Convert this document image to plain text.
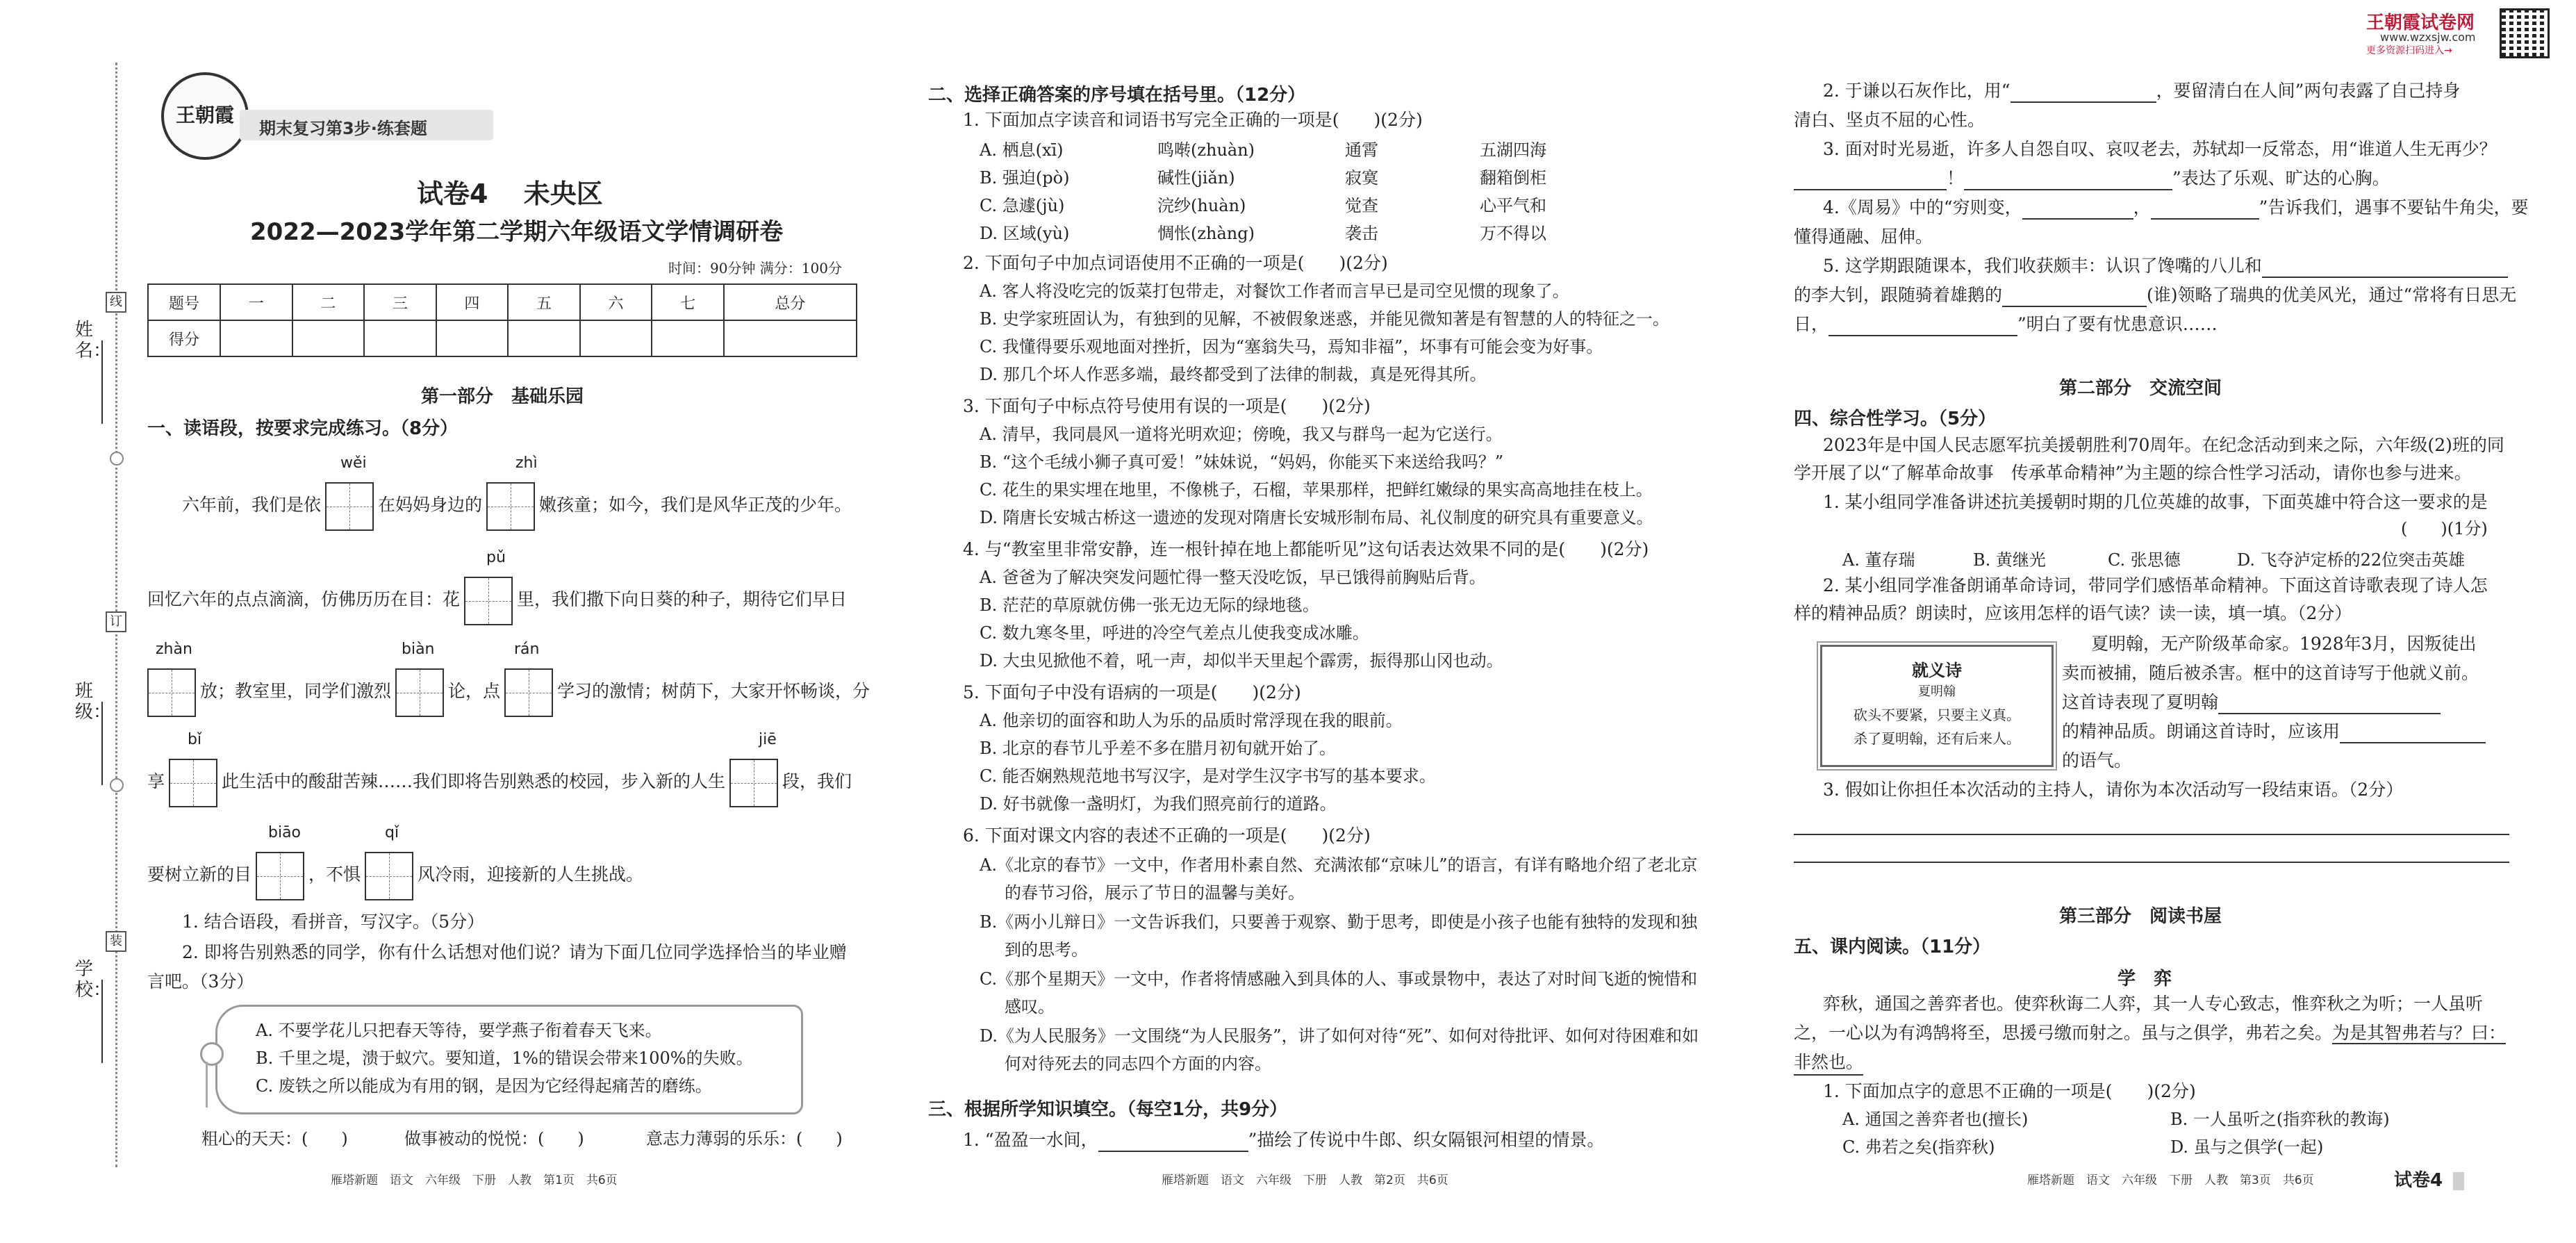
姓名：
班级：
学校：
线
订
装
王朝霞
期末复习第3步·练套题
试卷4　 未央区
2022—2023学年第二学期六年级语文学情调研卷
时间：90分钟 满分：100分
题号	一	二	三	四	五	六	七	总分
得分								
第一部分　基础乐园
一、读语段，按要求完成练习。（8分）
wěi	zhì
六年前，我们是依	在妈妈身边的	嫩孩童；如今，我们是风华正茂的少年。
pǔ
回忆六年的点点滴滴，仿佛历历在目：花	里，我们撒下向日葵的种子，期待它们早日
zhàn	biàn	rán
放；教室里，同学们激烈	论，点	学习的激情；树荫下，大家开怀畅谈，分
bǐ	jiē
享	此生活中的酸甜苦辣……我们即将告别熟悉的校园，步入新的人生	段，我们
biāo	qǐ
要树立新的目	，不惧	风冷雨，迎接新的人生挑战。
1. 结合语段，看拼音，写汉字。（5分）
2. 即将告别熟悉的同学，你有什么话想对他们说？请为下面几位同学选择恰当的毕业赠
言吧。（3分）
A. 不要学花儿只把春天等待，要学燕子衔着春天飞来。
B. 千里之堤，溃于蚁穴。要知道，1%的错误会带来100%的失败。
C. 废铁之所以能成为有用的钢，是因为它经得起痛苦的磨练。
粗心的天天：(　　)	做事被动的悦悦：(　　)	意志力薄弱的乐乐：(　　)
雁塔新题　语文　六年级　下册　人教　第1页　共6页
二、选择正确答案的序号填在括号里。（12分）
1. 下面加点字读音和词语书写完全正确的一项是(　　)(2分)
A. 栖息(xī)	鸣啭(zhuàn)	通霄	五湖四海
B. 强迫(pò)	碱性(jiǎn)	寂寞	翻箱倒柜
C. 急遽(jù)	浣纱(huàn)	觉查	心平气和
D. 区域(yù)	惆怅(zhàng)	袭击	万不得以
2. 下面句子中加点词语使用不正确的一项是(　　)(2分)
A. 客人将没吃完的饭菜打包带走，对餐饮工作者而言早已是司空见惯的现象了。
B. 史学家班固认为，有独到的见解，不被假象迷惑，并能见微知著是有智慧的人的特征之一。
C. 我懂得要乐观地面对挫折，因为“塞翁失马，焉知非福”，坏事有可能会变为好事。
D. 那几个坏人作恶多端，最终都受到了法律的制裁，真是死得其所。
3. 下面句子中标点符号使用有误的一项是(　　)(2分)
A. 清早，我同晨风一道将光明欢迎；傍晚，我又与群鸟一起为它送行。
B. “这个毛绒小狮子真可爱！”妹妹说，“妈妈，你能买下来送给我吗？”
C. 花生的果实埋在地里，不像桃子，石榴，苹果那样，把鲜红嫩绿的果实高高地挂在枝上。
D. 隋唐长安城古桥这一遗迹的发现对隋唐长安城形制布局、礼仪制度的研究具有重要意义。
4. 与“教室里非常安静，连一根针掉在地上都能听见”这句话表达效果不同的是(　　)(2分)
A. 爸爸为了解决突发问题忙得一整天没吃饭，早已饿得前胸贴后背。
B. 茫茫的草原就仿佛一张无边无际的绿地毯。
C. 数九寒冬里，呼进的冷空气差点儿使我变成冰雕。
D. 大虫见掀他不着，吼一声，却似半天里起个霹雳，振得那山冈也动。
5. 下面句子中没有语病的一项是(　　)(2分)
A. 他亲切的面容和助人为乐的品质时常浮现在我的眼前。
B. 北京的春节儿乎差不多在腊月初旬就开始了。
C. 能否娴熟规范地书写汉字，是对学生汉字书写的基本要求。
D. 好书就像一盏明灯，为我们照亮前行的道路。
6. 下面对课文内容的表述不正确的一项是(　　)(2分)
A.《北京的春节》一文中，作者用朴素自然、充满浓郁“京味儿”的语言，有详有略地介绍了老北京
的春节习俗，展示了节日的温馨与美好。
B.《两小儿辩日》一文告诉我们，只要善于观察、勤于思考，即使是小孩子也能有独特的发现和独
到的思考。
C.《那个星期天》一文中，作者将情感融入到具体的人、事或景物中，表达了对时间飞逝的惋惜和
感叹。
D.《为人民服务》一文围绕“为人民服务”，讲了如何对待“死”、如何对待批评、如何对待困难和如
何对待死去的同志四个方面的内容。
三、根据所学知识填空。（每空1分，共9分）
1. “盈盈一水间，	”描绘了传说中牛郎、织女隔银河相望的情景。
雁塔新题　语文　六年级　下册　人教　第2页　共6页
王朝霞试卷网
www.wzxsjw.com
更多资源扫码进入→
2. 于谦以石灰作比，用“	，要留清白在人间”两句表露了自己持身
清白、坚贞不屈的心性。
3. 面对时光易逝，许多人自怨自叹、哀叹老去，苏轼却一反常态，用“谁道人生无再少？
！	”表达了乐观、旷达的心胸。
4.《周易》中的“穷则变，	，	”告诉我们，遇事不要钻牛角尖，要
懂得通融、屈伸。
5. 这学期跟随课本，我们收获颇丰：认识了馋嘴的八儿和
的李大钊，跟随骑着雄鹅的	(谁)领略了瑞典的优美风光，通过“常将有日思无
日，	”明白了要有忧患意识……
第二部分　交流空间
四、综合性学习。（5分）
2023年是中国人民志愿军抗美援朝胜利70周年。在纪念活动到来之际，六年级(2)班的同
学开展了以“了解革命故事　传承革命精神”为主题的综合性学习活动，请你也参与进来。
1. 某小组同学准备讲述抗美援朝时期的几位英雄的故事，下面英雄中符合这一要求的是
(　　)(1分)
A. 董存瑞	B. 黄继光	C. 张思德	D. 飞夺泸定桥的22位突击英雄
2. 某小组同学准备朗诵革命诗词，带同学们感悟革命精神。下面这首诗歌表现了诗人怎
样的精神品质？朗读时，应该用怎样的语气读？读一读，填一填。（2分）
就义诗
夏明翰
砍头不要紧，只要主义真。
杀了夏明翰，还有后来人。
夏明翰，无产阶级革命家。1928年3月，因叛徒出
卖而被捕，随后被杀害。框中的这首诗写于他就义前。
这首诗表现了夏明翰
的精神品质。朗诵这首诗时，应该用
的语气。
3. 假如让你担任本次活动的主持人，请你为本次活动写一段结束语。（2分）
第三部分　阅读书屋
五、课内阅读。（11分）
学　弈
弈秋，通国之善弈者也。使弈秋诲二人弈，其一人专心致志，惟弈秋之为听；一人虽听
之，一心以为有鸿鹄将至，思援弓缴而射之。虽与之俱学，弗若之矣。为是其智弗若与？曰：
非然也。
1. 下面加点字的意思不正确的一项是(　　)(2分)
A. 通国之善弈者也(擅长)	B. 一人虽听之(指弈秋的教诲)
C. 弗若之矣(指弈秋)	D. 虽与之俱学(一起)
雁塔新题　语文　六年级　下册　人教　第3页　共6页	试卷4
